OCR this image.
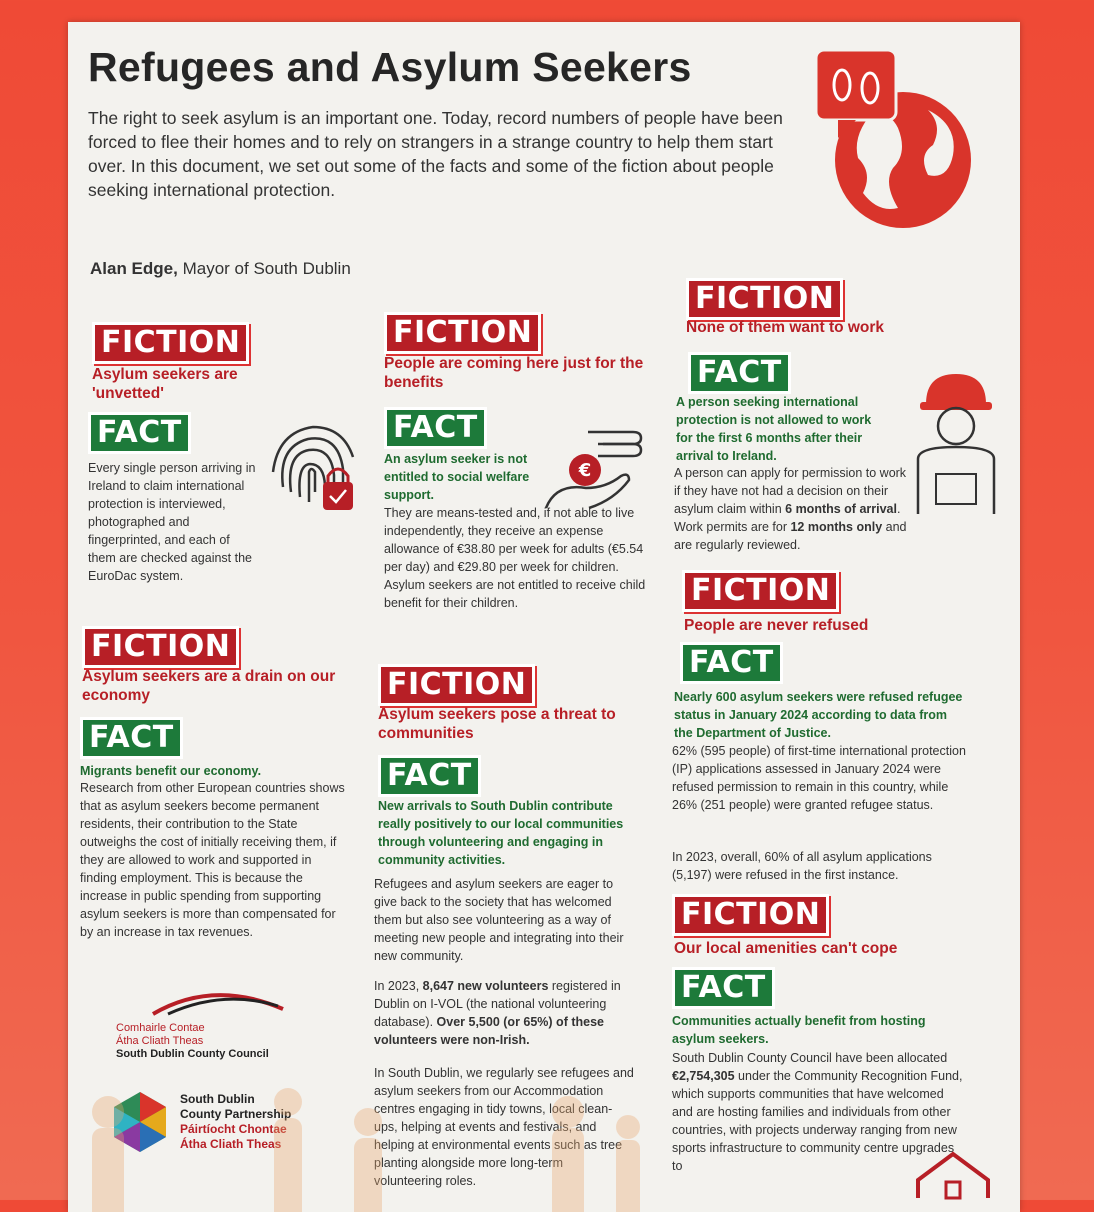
Refugees and Asylum Seekers
The right to seek asylum is an important one. Today, record numbers of people have been forced to flee their homes and to rely on strangers in a strange country to help them start over. In this document, we set out some of the facts and some of the fiction about people seeking international protection.
Alan Edge, Mayor of South Dublin
FICTION
Asylum seekers are 'unvetted'
FACT
Every single person arriving in Ireland to claim international protection is interviewed, photographed and fingerprinted, and each of them are checked against the EuroDac system.
FICTION
Asylum seekers are a drain on our economy
FACT
Migrants benefit our economy.
Research from other European countries shows that as asylum seekers become permanent residents, their contribution to the State outweighs the cost of initially receiving them, if they are allowed to work and supported in finding employment. This is because the increase in public spending from supporting asylum seekers is more than compensated for by an increase in tax revenues.
Comhairle Contae
Átha Cliath Theas
South Dublin County Council
South Dublin
County Partnership
Páirtíocht Chontae
Átha Cliath Theas
FICTION
People are coming here just for the benefits
FACT
An asylum seeker is not entitled to social welfare support.
They are means-tested and, if not able to live independently, they receive an expense allowance of €38.80 per week for adults (€5.54 per day) and €29.80 per week for children. Asylum seekers are not entitled to receive child benefit for their children.
€
FICTION
Asylum seekers pose a threat to communities
FACT
New arrivals to South Dublin contribute really positively to our local communities through volunteering and engaging in community activities.
Refugees and asylum seekers are eager to give back to the society that has welcomed them but also see volunteering as a way of meeting new people and integrating into their new community.
In 2023, 8,647 new volunteers registered in Dublin on I-VOL (the national volunteering database). Over 5,500 (or 65%) of these volunteers were non-Irish.
In South Dublin, we regularly see refugees and asylum seekers from our Accommodation centres engaging in tidy towns, local clean-ups, helping at events and festivals, and helping at environmental events such as tree planting alongside more long-term volunteering roles.
FICTION
None of them want to work
FACT
A person seeking international protection is not allowed to work for the first 6 months after their arrival to Ireland.
A person can apply for permission to work if they have not had a decision on their asylum claim within 6 months of arrival. Work permits are for 12 months only and are regularly reviewed.
FICTION
People are never refused
FACT
Nearly 600 asylum seekers were refused refugee status in January 2024 according to data from the Department of Justice.
62% (595 people) of first-time international protection (IP) applications assessed in January 2024 were refused permission to remain in this country, while 26% (251 people) were granted refugee status.
In 2023, overall, 60% of all asylum applications (5,197) were refused in the first instance.
FICTION
Our local amenities can't cope
FACT
Communities actually benefit from hosting asylum seekers.
South Dublin County Council have been allocated €2,754,305 under the Community Recognition Fund, which supports communities that have welcomed and are hosting families and individuals from other countries, with projects underway ranging from new sports infrastructure to community centre upgrades to
